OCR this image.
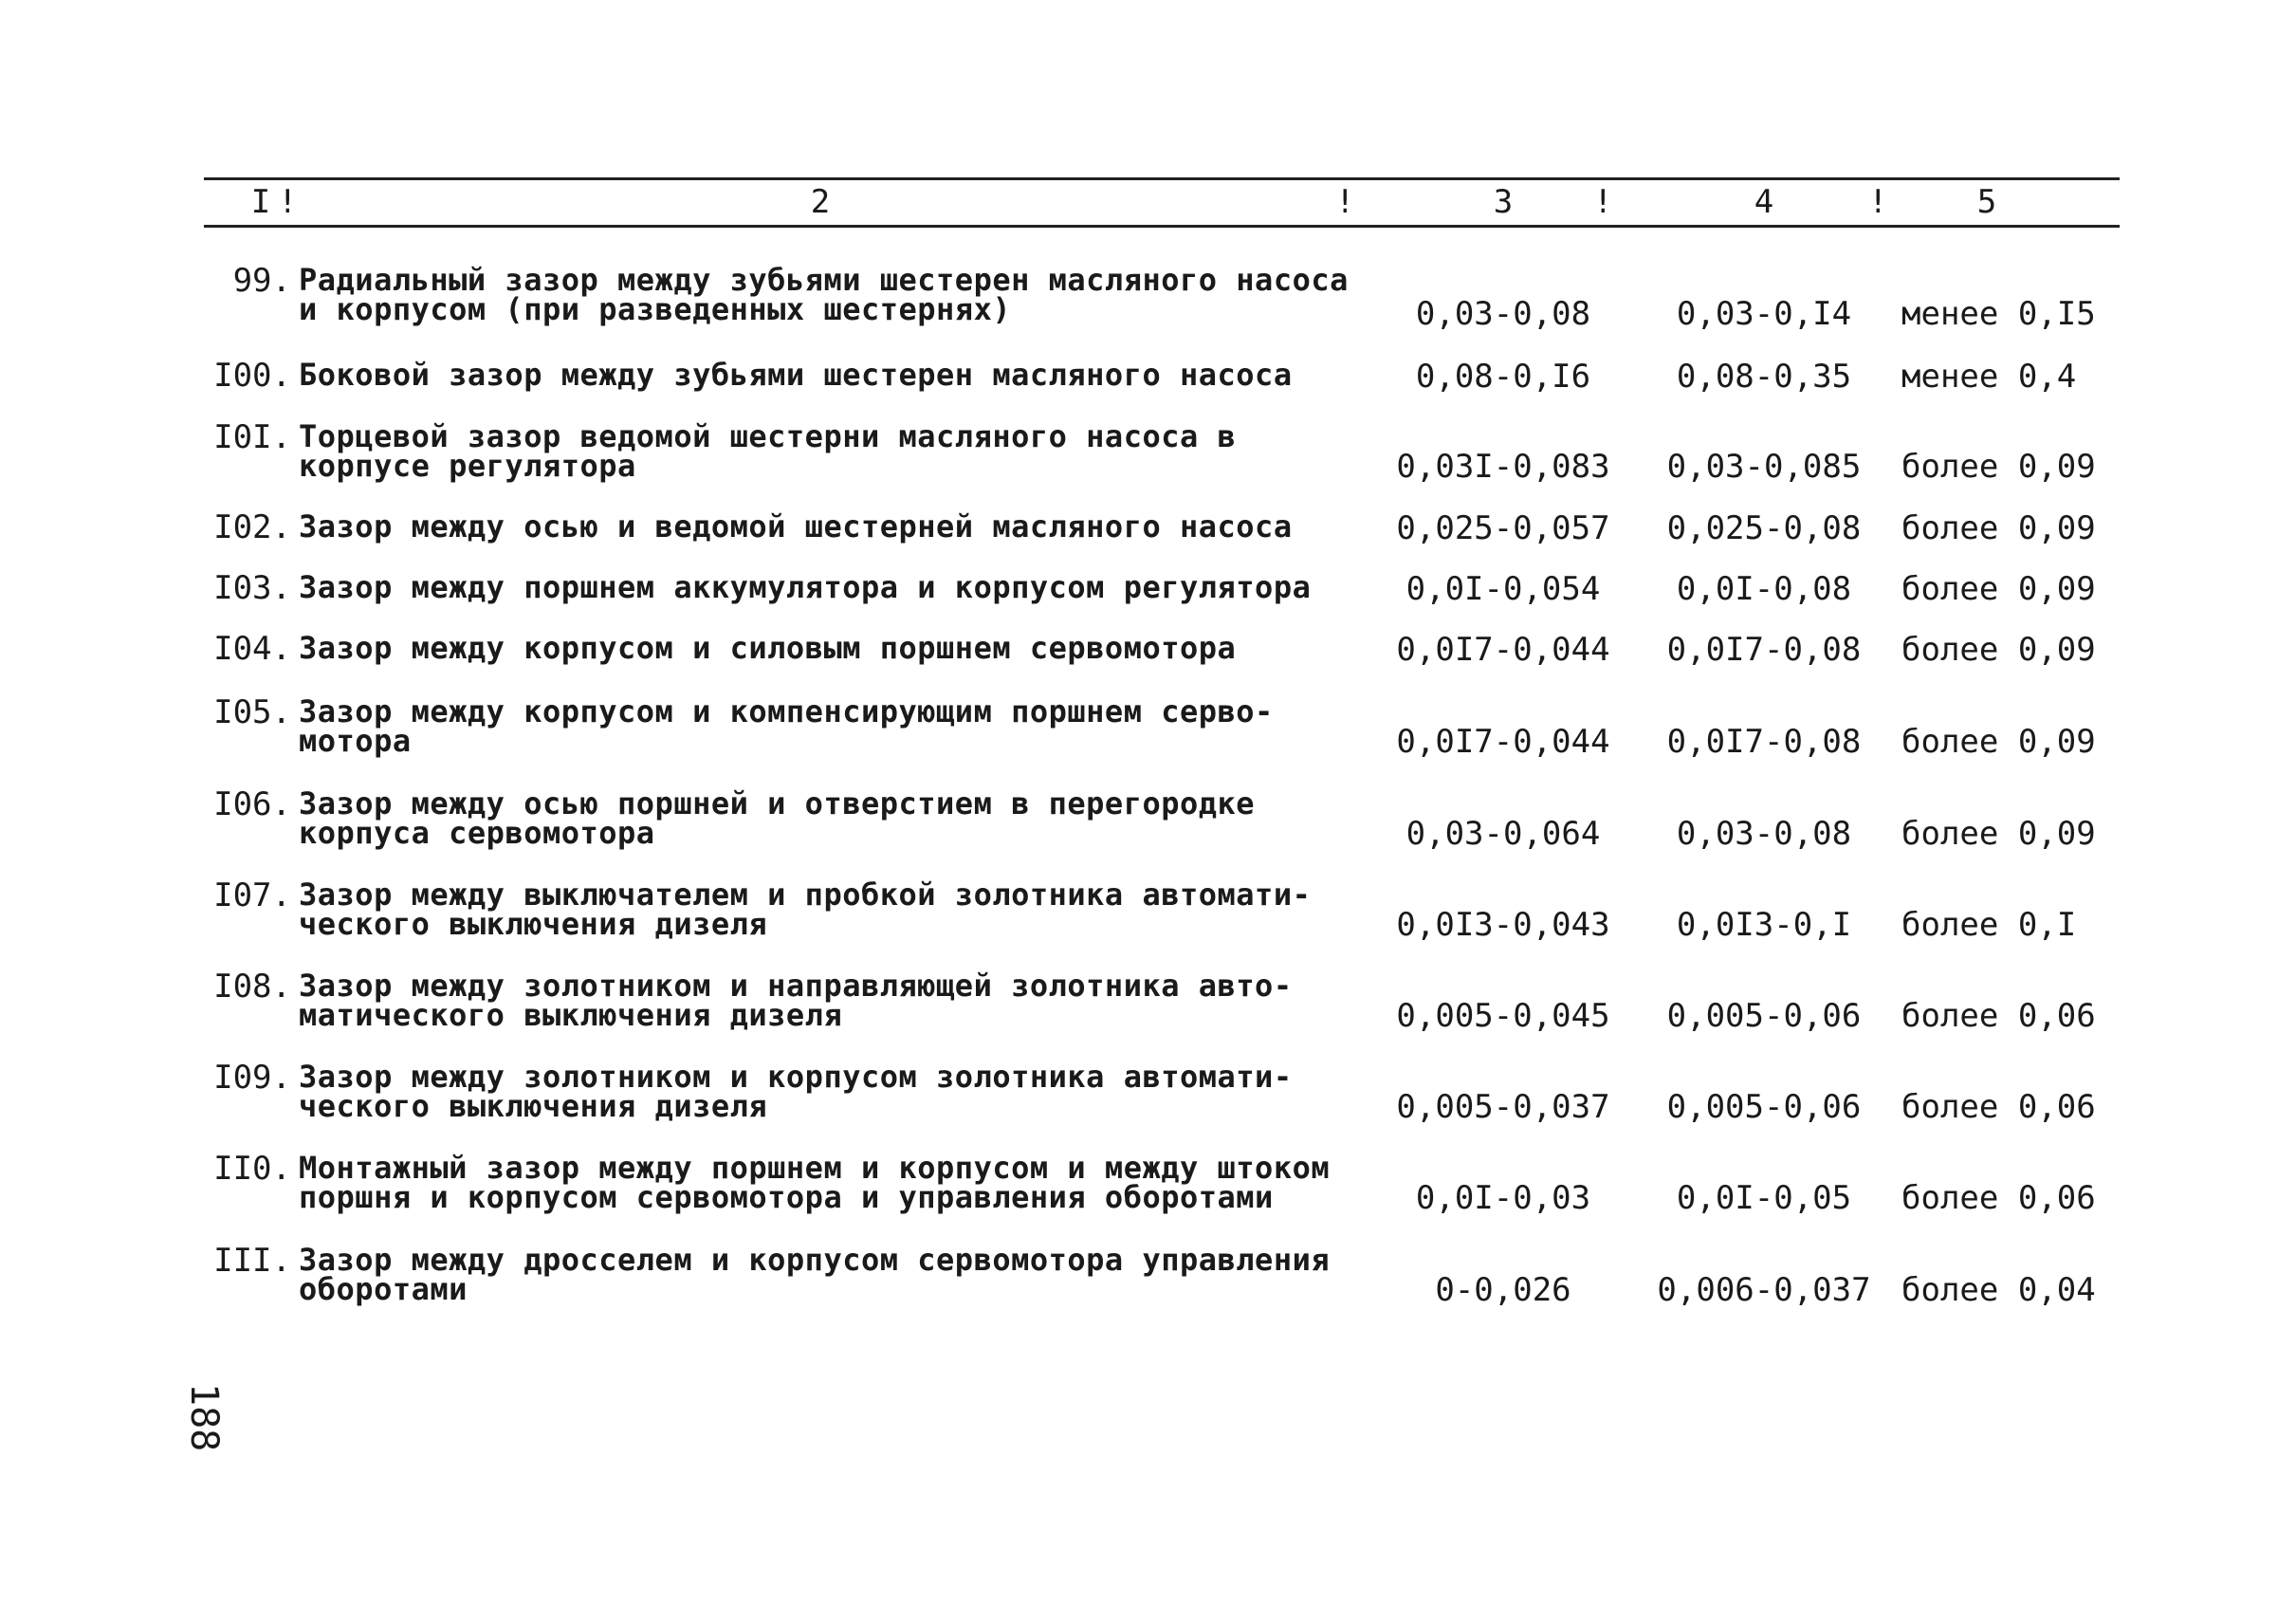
I !	2	!	3	!	4	!	5
99. Радиальный зазор между зубьями шестерен масляного насоса
и корпусом (при разведенных шестернях)	0,03-0,08	0,03-0,I4	менее 0,I5
I00. Боковой зазор между зубьями шестерен масляного насоса	0,08-0,I6	0,08-0,35	менее 0,4
I0I. Торцевой зазор ведомой шестерни масляного насоса в
корпусе регулятора	0,03I-0,083	0,03-0,085	более 0,09
I02. Зазор между осью и ведомой шестерней масляного насоса	0,025-0,057	0,025-0,08	более 0,09
I03. Зазор между поршнем аккумулятора и корпусом регулятора	0,0I-0,054	0,0I-0,08	более 0,09
I04. Зазор между корпусом и силовым поршнем сервомотора	0,0I7-0,044	0,0I7-0,08	более 0,09
I05. Зазор между корпусом и компенсирующим поршнем серво-
мотора	0,0I7-0,044	0,0I7-0,08	более 0,09
I06. Зазор между осью поршней и отверстием в перегородке
корпуса сервомотора	0,03-0,064	0,03-0,08	более 0,09
I07. Зазор между выключателем и пробкой золотника автомати-
ческого выключения дизеля	0,0I3-0,043	0,0I3-0,I	более 0,I
I08. Зазор между золотником и направляющей золотника авто-
матического выключения дизеля	0,005-0,045	0,005-0,06	более 0,06
I09. Зазор между золотником и корпусом золотника автомати-
ческого выключения дизеля	0,005-0,037	0,005-0,06	более 0,06
II0. Монтажный зазор между поршнем и корпусом и между штоком
поршня и корпусом сервомотора и управления оборотами	0,0I-0,03	0,0I-0,05	более 0,06
III. Зазор между дросселем и корпусом сервомотора управления
оборотами	0-0,026	0,006-0,037 более 0,04
188
